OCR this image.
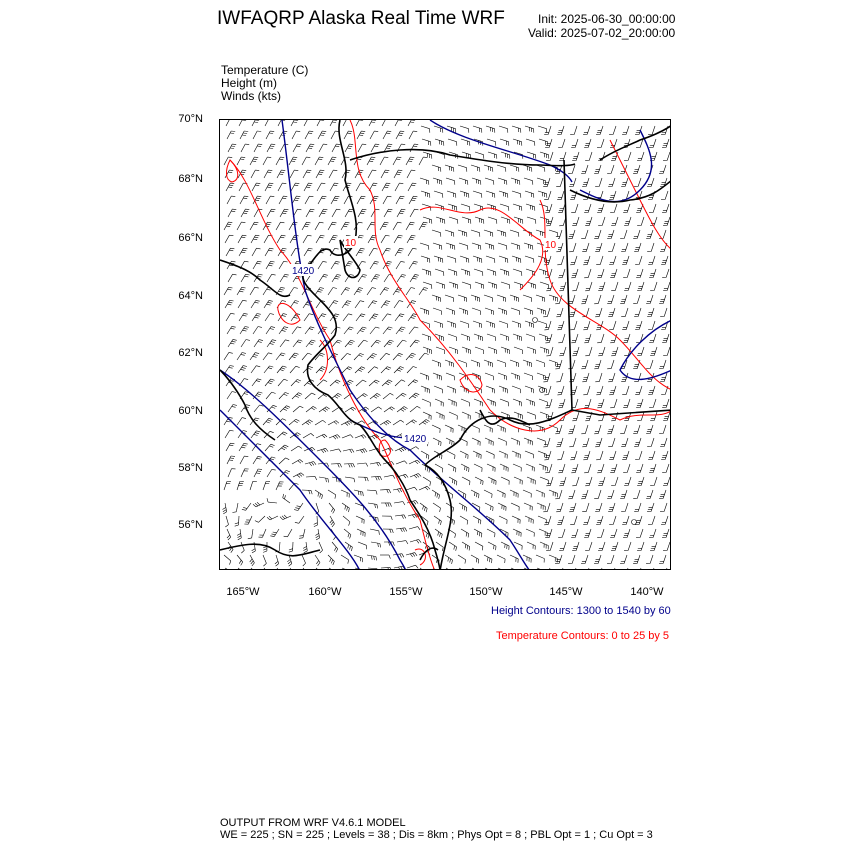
IWFAQRP Alaska Real Time WRF	Init: 2025-06-30_00:00:00
Valid: 2025-07-02_20:00:00
Temperature (C)
Height (m)
Winds (kts)
70°N
68°N
66°N
64°N
62°N
60°N
58°N
56°N
165°W	160°W	155°W	150°W	145°W	140°W
1420
1420
10	10
Height Contours: 1300 to 1540 by 60
Temperature Contours: 0 to 25 by 5
OUTPUT FROM WRF V4.6.1 MODEL
WE = 225 ; SN = 225 ; Levels = 38 ; Dis = 8km ; Phys Opt = 8 ; PBL Opt = 1 ; Cu Opt = 3
